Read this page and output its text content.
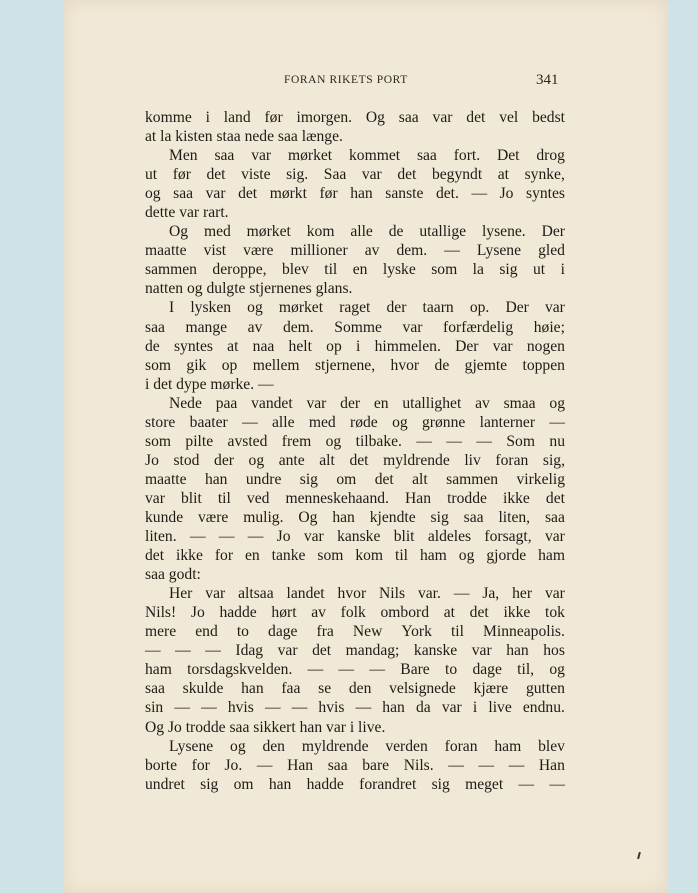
FORAN RIKETS PORT	341
komme i land før imorgen. Og saa var det vel bedst
at la kisten staa nede saa længe.
Men saa var mørket kommet saa fort. Det drog
ut før det viste sig. Saa var det begyndt at synke,
og saa var det mørkt før han sanste det. — Jo syntes
dette var rart.
Og med mørket kom alle de utallige lysene. Der
maatte vist være millioner av dem. — Lysene gled
sammen deroppe, blev til en lyske som la sig ut i
natten og dulgte stjernenes glans.
I lysken og mørket raget der taarn op. Der var
saa mange av dem. Somme var forfærdelig høie;
de syntes at naa helt op i himmelen. Der var nogen
som gik op mellem stjernene, hvor de gjemte toppen
i det dype mørke. —
Nede paa vandet var der en utallighet av smaa og
store baater — alle med røde og grønne lanterner —
som pilte avsted frem og tilbake. — — — Som nu
Jo stod der og ante alt det myldrende liv foran sig,
maatte han undre sig om det alt sammen virkelig
var blit til ved menneskehaand. Han trodde ikke det
kunde være mulig. Og han kjendte sig saa liten, saa
liten. — — — Jo var kanske blit aldeles forsagt, var
det ikke for en tanke som kom til ham og gjorde ham
saa godt:
Her var altsaa landet hvor Nils var. — Ja, her var
Nils! Jo hadde hørt av folk ombord at det ikke tok
mere end to dage fra New York til Minneapolis.
— — — Idag var det mandag; kanske var han hos
ham torsdagskvelden. — — — Bare to dage til, og
saa skulde han faa se den velsignede kjære gutten
sin — — hvis — — hvis — han da var i live endnu.
Og Jo trodde saa sikkert han var i live.
Lysene og den myldrende verden foran ham blev
borte for Jo. — Han saa bare Nils. — — — Han
undret sig om han hadde forandret sig meget — —
